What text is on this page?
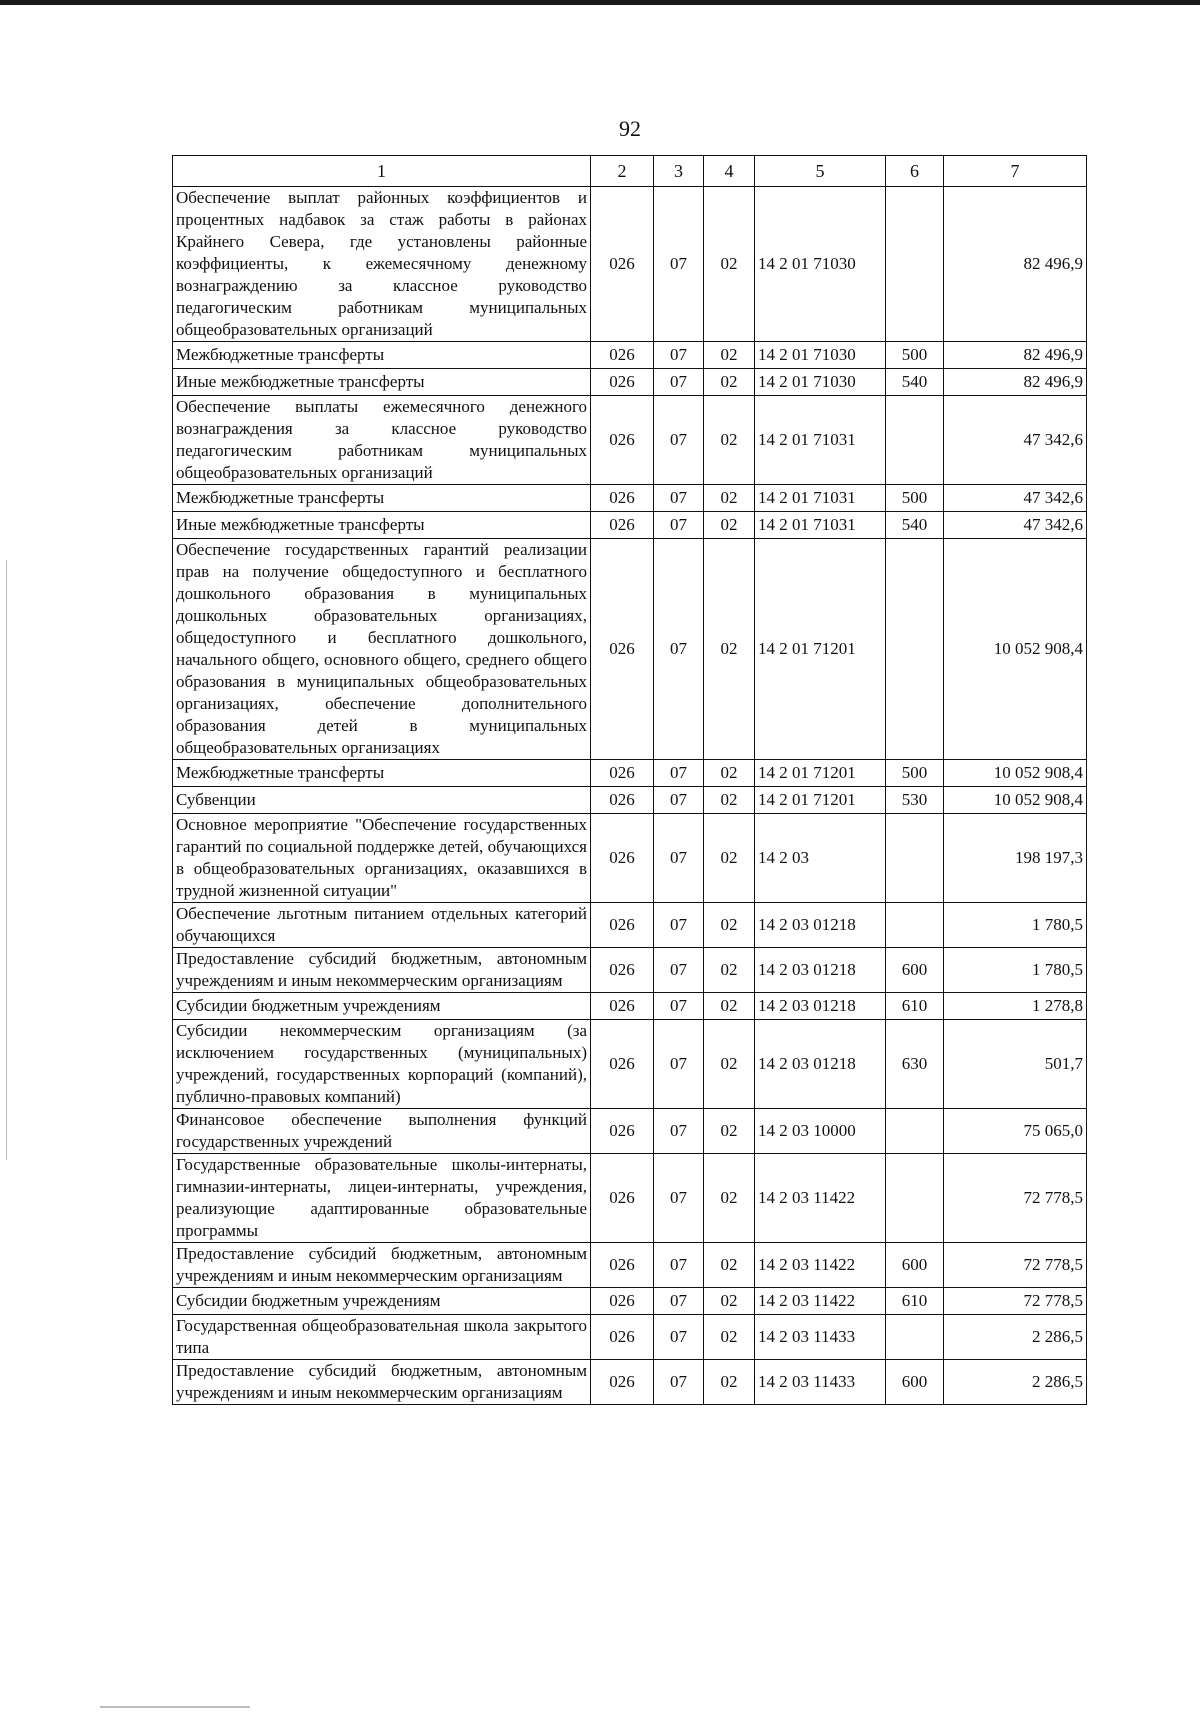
92
1	2	3	4	5	6	7
Обеспечение выплат районных коэффициентов и процентных надбавок за стаж работы в районах Крайнего Севера, где установлены районные коэффициенты, к ежемесячному денежному вознаграждению за классное руководство педагогическим работникам муниципальных общеобразовательных организаций	026	07	02	14 2 01 71030		82 496,9
Межбюджетные трансферты	026	07	02	14 2 01 71030	500	82 496,9
Иные межбюджетные трансферты	026	07	02	14 2 01 71030	540	82 496,9
Обеспечение выплаты ежемесячного денежного вознаграждения за классное руководство педагогическим работникам муниципальных общеобразовательных организаций	026	07	02	14 2 01 71031		47 342,6
Межбюджетные трансферты	026	07	02	14 2 01 71031	500	47 342,6
Иные межбюджетные трансферты	026	07	02	14 2 01 71031	540	47 342,6
Обеспечение государственных гарантий реализации прав на получение общедоступного и бесплатного дошкольного образования в муниципальных дошкольных образовательных организациях, общедоступного и бесплатного дошкольного, начального общего, основного общего, среднего общего образования в муниципальных общеобразовательных организациях, обеспечение дополнительного образования детей в муниципальных общеобразовательных организациях	026	07	02	14 2 01 71201		10 052 908,4
Межбюджетные трансферты	026	07	02	14 2 01 71201	500	10 052 908,4
Субвенции	026	07	02	14 2 01 71201	530	10 052 908,4
Основное мероприятие "Обеспечение государственных гарантий по социальной поддержке детей, обучающихся в общеобразовательных организациях, оказавшихся в трудной жизненной ситуации"	026	07	02	14 2 03		198 197,3
Обеспечение льготным питанием отдельных категорий обучающихся	026	07	02	14 2 03 01218		1 780,5
Предоставление субсидий бюджетным, автономным учреждениям и иным некоммерческим организациям	026	07	02	14 2 03 01218	600	1 780,5
Субсидии бюджетным учреждениям	026	07	02	14 2 03 01218	610	1 278,8
Субсидии некоммерческим организациям (за исключением государственных (муниципальных) учреждений, государственных корпораций (компаний), публично-правовых компаний)	026	07	02	14 2 03 01218	630	501,7
Финансовое обеспечение выполнения функций государственных учреждений	026	07	02	14 2 03 10000		75 065,0
Государственные образовательные школы-интернаты, гимназии-интернаты, лицеи-интернаты, учреждения, реализующие адаптированные образовательные программы	026	07	02	14 2 03 11422		72 778,5
Предоставление субсидий бюджетным, автономным учреждениям и иным некоммерческим организациям	026	07	02	14 2 03 11422	600	72 778,5
Субсидии бюджетным учреждениям	026	07	02	14 2 03 11422	610	72 778,5
Государственная общеобразовательная школа закрытого типа	026	07	02	14 2 03 11433		2 286,5
Предоставление субсидий бюджетным, автономным учреждениям и иным некоммерческим организациям	026	07	02	14 2 03 11433	600	2 286,5
